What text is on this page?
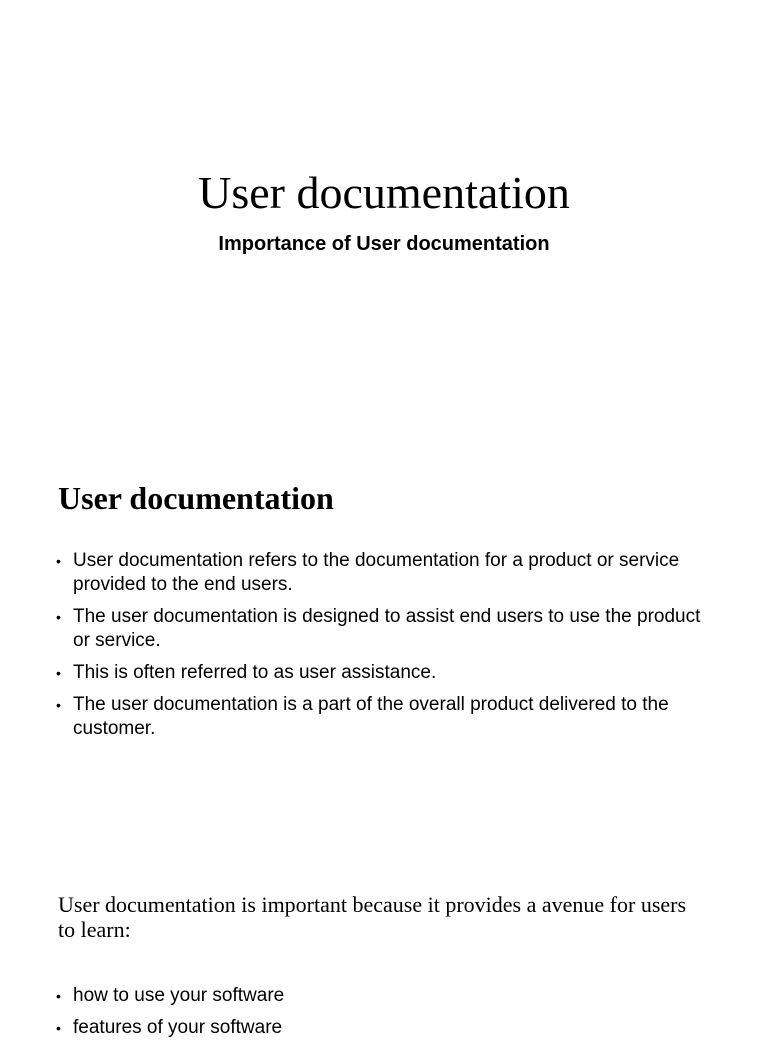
User documentation

Importance of User documentation

User documentation
• User documentation refers to the documentation for a product or service provided to the end users.
• The user documentation is designed to assist end users to use the product or service.
• This is often referred to as user assistance.
• The user documentation is a part of the overall product delivered to the customer.

User documentation is important because it provides a avenue for users to learn:

• how to use your software
• features of your software
